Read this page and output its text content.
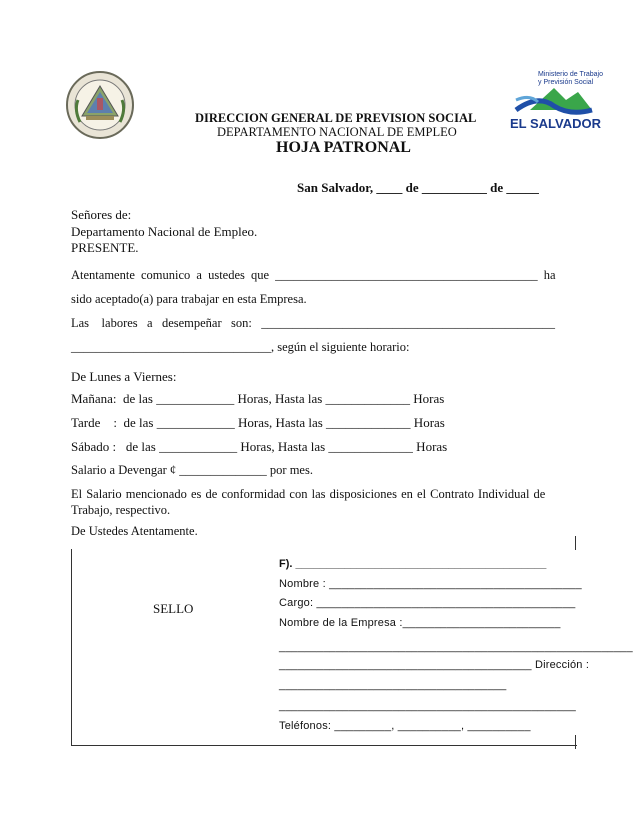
Ministerio de Trabajo
y Previsión Social
EL SALVADOR
DIRECCION GENERAL DE PREVISION SOCIAL
DEPARTAMENTO NACIONAL DE EMPLEO
HOJA PATRONAL
San Salvador, ____ de __________ de _____
Señores de:
Departamento Nacional de Empleo.
PRESENTE.
Atentamente comunico a ustedes que __________________________________________ ha
sido aceptado(a) para trabajar en esta Empresa.
Las    labores   a   desempeñar   son:   _______________________________________________
________________________________, según el siguiente horario:
De Lunes a Viernes:
Mañana:  de las ____________ Horas, Hasta las _____________ Horas
Tarde    :  de las ____________ Horas, Hasta las _____________ Horas
Sábado :   de las ____________ Horas, Hasta las _____________ Horas
Salario a Devengar ¢ ______________ por mes.
El Salario mencionado es de conformidad con las disposiciones en el Contrato Individual de
Trabajo, respectivo.
De Ustedes Atentamente.
SELLO
F). _________________________________________
Nombre : ________________________________________
Cargo: _________________________________________
Nombre de la Empresa :_________________________
________________________________________________________
________________________________________ Dirección :
____________________________________
_______________________________________________
Teléfonos: _________, __________, __________
